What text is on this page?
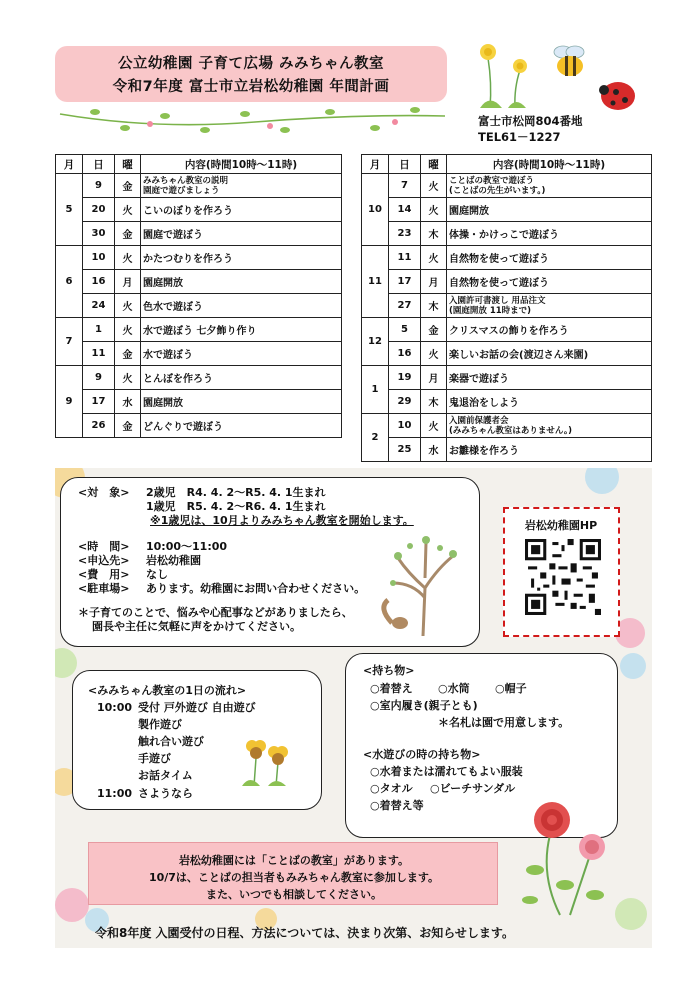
公立幼稚園 子育て広場 みみちゃん教室
令和7年度 富士市立岩松幼稚園 年間計画
富士市松岡804番地
TEL61－1227
月	日	曜	内容(時間10時～11時)
5	9	金	みみちゃん教室の説明
園庭で遊びましょう

	20	火	こいのぼりを作ろう
	30	金	園庭で遊ぼう
6	10	火	かたつむりを作ろう
	16	月	園庭開放
	24	火	色水で遊ぼう
7	1	火	水で遊ぼう 七夕飾り作り
	11	金	水で遊ぼう
9	9	火	とんぼを作ろう
	17	水	園庭開放
	26	金	どんぐりで遊ぼう
月	日	曜	内容(時間10時～11時)
10	7	火	ことばの教室で遊ぼう
(ことばの先生がいます。)

	14	火	園庭開放
	23	木	体操・かけっこで遊ぼう
11	11	火	自然物を使って遊ぼう
	17	月	自然物を使って遊ぼう
	27	木	入園許可書渡し 用品注文
(園庭開放 11時まで)

12	5	金	クリスマスの飾りを作ろう
	16	火	楽しいお話の会(渡辺さん来園)
1	19	月	楽器で遊ぼう
	29	木	鬼退治をしよう
2	10	火	入園前保護者会
(みみちゃん教室はありません。)

	25	水	お雛様を作ろう
<対　象> 2歳児　R4. 4. 2～R5. 4. 1生まれ
1歳児　R5. 4. 2～R6. 4. 1生まれ
※1歳児は、10月よりみみちゃん教室を開始します。
<時　間> 10:00～11:00
<申込先> 岩松幼稚園
<費　用> なし
<駐車場> あります。幼稚園にお問い合わせください。
＊子育てのことで、悩みや心配事などがありましたら、
園長や主任に気軽に声をかけてください。
岩松幼稚園HP
<みみちゃん教室の1日の流れ>
10:00 受付 戸外遊び 自由遊び
製作遊び
触れ合い遊び
手遊び
お話タイム
11:00 さようなら
<持ち物>
○着替え ○水筒 ○帽子
○室内履き(親子とも)
＊名札は園で用意します。
<水遊びの時の持ち物>
○水着または濡れてもよい服装
○タオル ○ビーチサンダル
○着替え等
岩松幼稚園には「ことばの教室」があります。
10/7は、ことばの担当者もみみちゃん教室に参加します。
また、いつでも相談してください。
令和8年度 入園受付の日程、方法については、決まり次第、お知らせします。
